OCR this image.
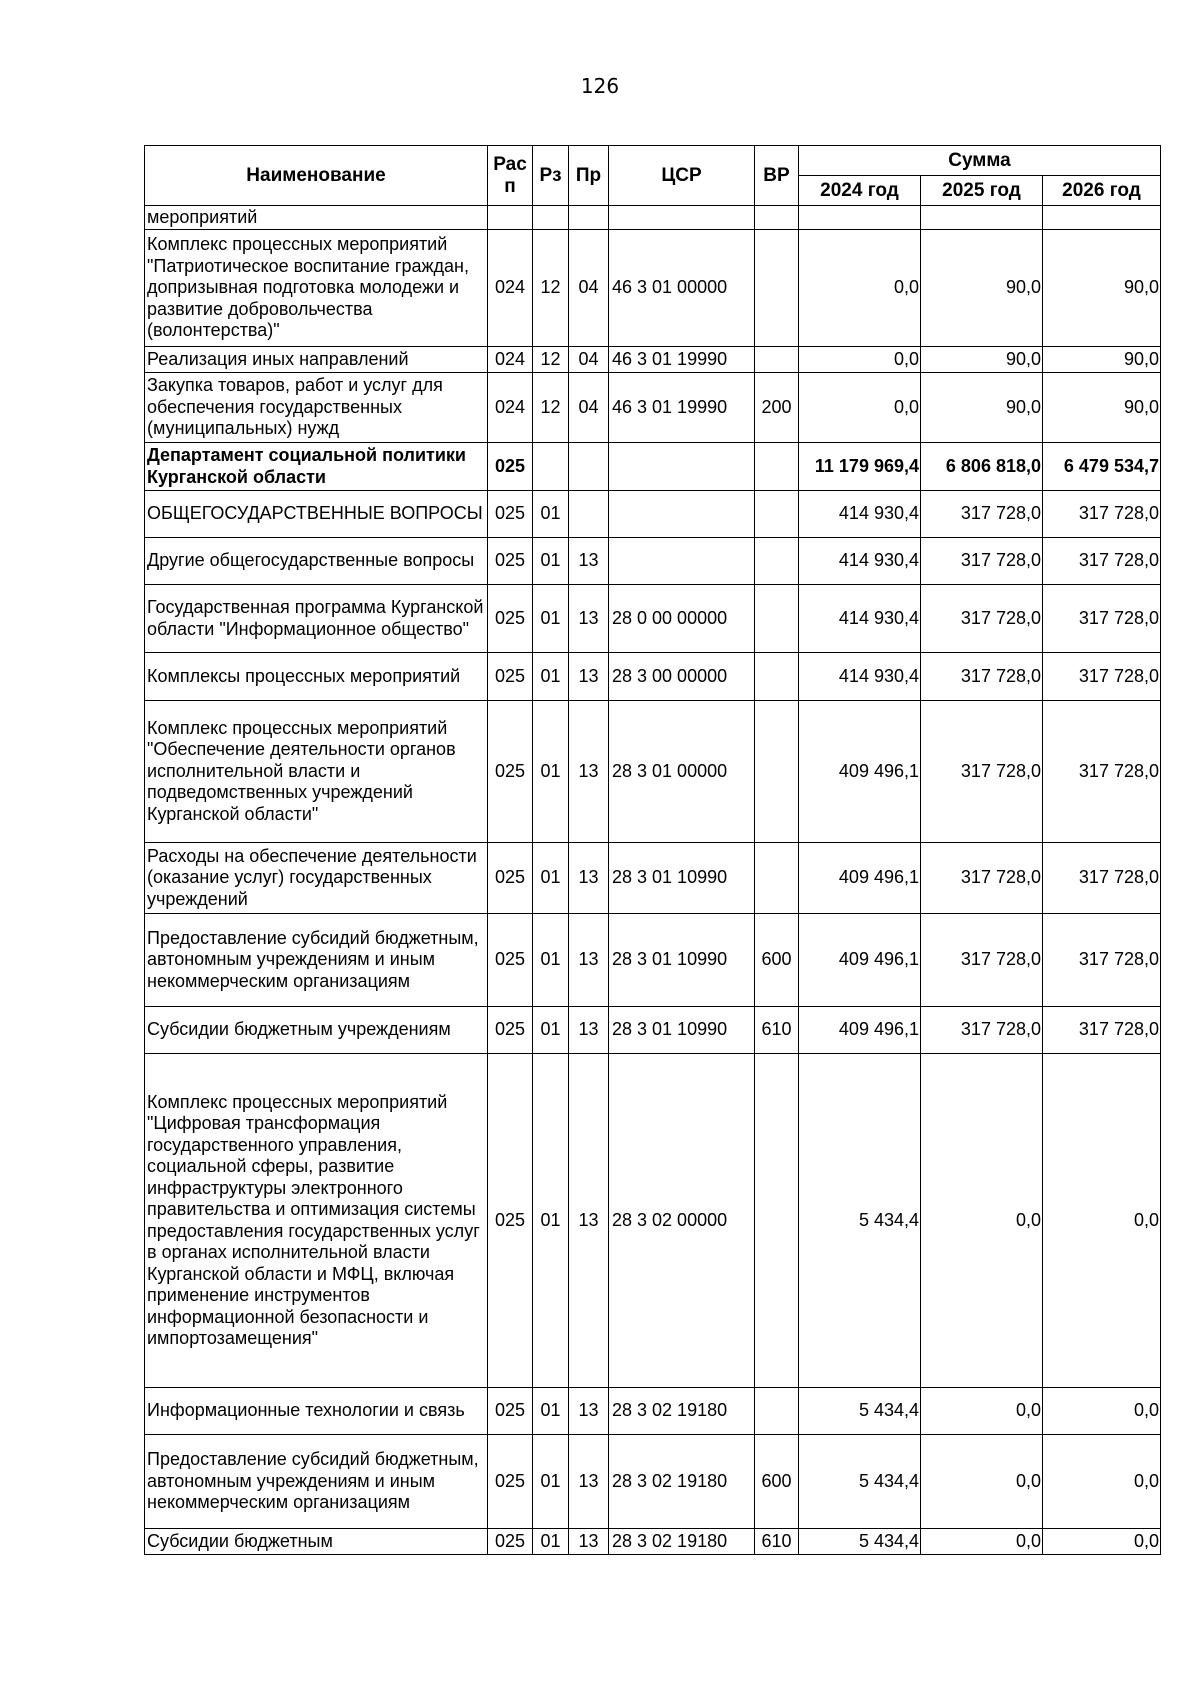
126
Наименование	Рас п	Рз	Пр	ЦСР	ВР	Сумма		
						2024 год	2025 год	2026 год
мероприятий								
Комплекс процессных мероприятий "Патриотическое воспитание граждан, допризывная подготовка молодежи и развитие добровольчества (волонтерства)"	024	12	04	46 3 01 00000		0,0	90,0	90,0
Реализация иных направлений	024	12	04	46 3 01 19990		0,0	90,0	90,0
Закупка товаров, работ и услуг для обеспечения государственных (муниципальных) нужд	024	12	04	46 3 01 19990	200	0,0	90,0	90,0
Департамент социальной политики Курганской области	025					11 179 969,4	6 806 818,0	6 479 534,7
ОБЩЕГОСУДАРСТВЕННЫЕ ВОПРОСЫ	025	01				414 930,4	317 728,0	317 728,0
Другие общегосударственные вопросы	025	01	13			414 930,4	317 728,0	317 728,0
Государственная программа Курганской области "Информационное общество"	025	01	13	28 0 00 00000		414 930,4	317 728,0	317 728,0
Комплексы процессных мероприятий	025	01	13	28 3 00 00000		414 930,4	317 728,0	317 728,0
Комплекс процессных мероприятий "Обеспечение деятельности органов исполнительной власти и подведомственных учреждений Курганской области"	025	01	13	28 3 01 00000		409 496,1	317 728,0	317 728,0
Расходы на обеспечение деятельности (оказание услуг) государственных учреждений	025	01	13	28 3 01 10990		409 496,1	317 728,0	317 728,0
Предоставление субсидий бюджетным, автономным учреждениям и иным некоммерческим организациям	025	01	13	28 3 01 10990	600	409 496,1	317 728,0	317 728,0
Субсидии бюджетным учреждениям	025	01	13	28 3 01 10990	610	409 496,1	317 728,0	317 728,0
Комплекс процессных мероприятий "Цифровая трансформация государственного управления, социальной сферы, развитие инфраструктуры электронного правительства и оптимизация системы предоставления государственных услуг в органах исполнительной власти Курганской области и МФЦ, включая применение инструментов информационной безопасности и импортозамещения"	025	01	13	28 3 02 00000		5 434,4	0,0	0,0
Информационные технологии и связь	025	01	13	28 3 02 19180		5 434,4	0,0	0,0
Предоставление субсидий бюджетным, автономным учреждениям и иным некоммерческим организациям	025	01	13	28 3 02 19180	600	5 434,4	0,0	0,0
Субсидии бюджетным	025	01	13	28 3 02 19180	610	5 434,4	0,0	0,0
